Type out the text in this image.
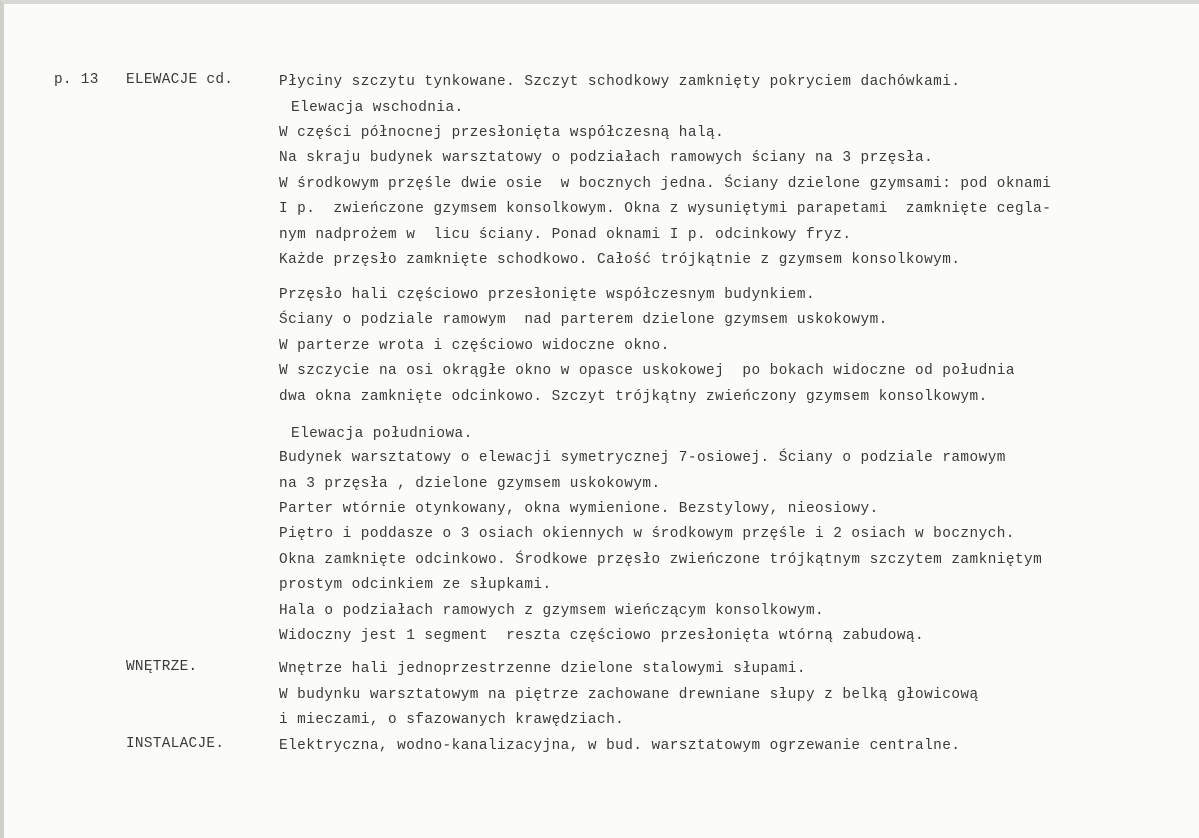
p. 13 ELEWACJE cd.
WNĘTRZE.
INSTALACJE.
Płyciny szczytu tynkowane. Szczyt schodkowy zamknięty pokryciem dachówkami.
Elewacja wschodnia.
W części północnej przesłonięta współczesną halą.
Na skraju budynek warsztatowy o podziałach ramowych ściany na 3 przęsła.
W środkowym przęśle dwie osie  w bocznych jedna. Ściany dzielone gzymsami: pod oknami
I p.  zwieńczone gzymsem konsolkowym. Okna z wysuniętymi parapetami  zamknięte cegla-
nym nadprożem w  licu ściany. Ponad oknami I p. odcinkowy fryz.
Każde przęsło zamknięte schodkowo. Całość trójkątnie z gzymsem konsolkowym.
Przęsło hali częściowo przesłonięte współczesnym budynkiem.
Ściany o podziale ramowym  nad parterem dzielone gzymsem uskokowym.
W parterze wrota i częściowo widoczne okno.
W szczycie na osi okrągłe okno w opasce uskokowej  po bokach widoczne od południa
dwa okna zamknięte odcinkowo. Szczyt trójkątny zwieńczony gzymsem konsolkowym.
Elewacja południowa.
Budynek warsztatowy o elewacji symetrycznej 7-osiowej. Ściany o podziale ramowym
na 3 przęsła , dzielone gzymsem uskokowym.
Parter wtórnie otynkowany, okna wymienione. Bezstylowy, nieosiowy.
Piętro i poddasze o 3 osiach okiennych w środkowym przęśle i 2 osiach w bocznych.
Okna zamknięte odcinkowo. Środkowe przęsło zwieńczone trójkątnym szczytem zamkniętym
prostym odcinkiem ze słupkami.
Hala o podziałach ramowych z gzymsem wieńczącym konsolkowym.
Widoczny jest 1 segment  reszta częściowo przesłonięta wtórną zabudową.
Wnętrze hali jednoprzestrzenne dzielone stalowymi słupami.
W budynku warsztatowym na piętrze zachowane drewniane słupy z belką głowicową
i mieczami, o sfazowanych krawędziach.
Elektryczna, wodno-kanalizacyjna, w bud. warsztatowym ogrzewanie centralne.
